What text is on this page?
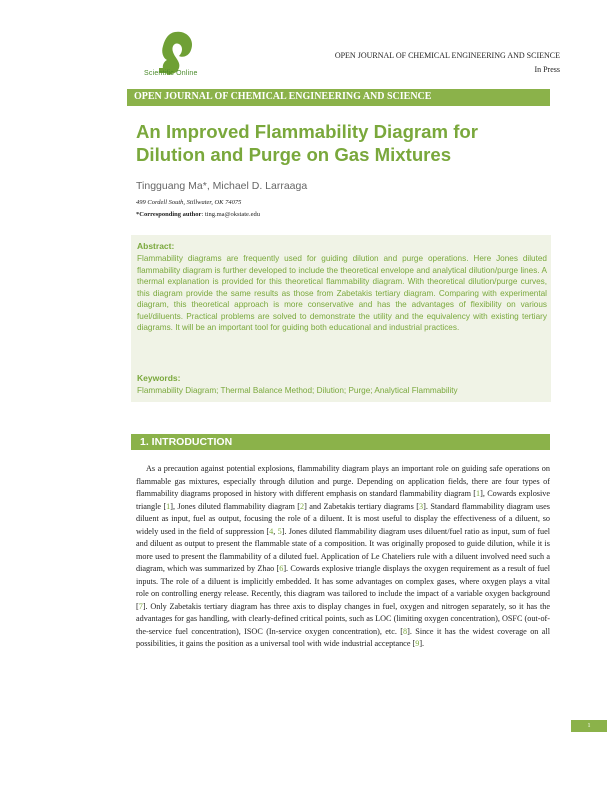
Scientific Online
OPEN JOURNAL OF CHEMICAL ENGINEERING AND SCIENCE
In Press
OPEN JOURNAL OF CHEMICAL ENGINEERING AND SCIENCE
An Improved Flammability Diagram for Dilution and Purge on Gas Mixtures
Tingguang Ma*, Michael D. Larraaga
499 Cordell South, Stillwater, OK 74075
*Corresponding author: ting.ma@okstate.edu
Abstract:
Flammability diagrams are frequently used for guiding dilution and purge operations. Here Jones diluted flammability diagram is further developed to include the theoretical envelope and analytical dilution/purge lines. A thermal explanation is provided for this theoretical flammability diagram. With theoretical dilution/purge curves, this diagram provide the same results as those from Zabetakis tertiary diagram. Comparing with experimental diagram, this theoretical approach is more conservative and has the advantages of flexibility on various fuel/diluents. Practical problems are solved to demonstrate the utility and the equivalency with existing tertiary diagrams. It will be an important tool for guiding both educational and industrial practices.
Keywords:
Flammability Diagram; Thermal Balance Method; Dilution; Purge; Analytical Flammability
1. INTRODUCTION

As a precaution against potential explosions, flammability diagram plays an important role on guiding safe operations on flammable gas mixtures, especially through dilution and purge. Depending on application fields, there are four types of flammability diagrams proposed in history with different emphasis on standard flammability diagram [1], Cowards explosive triangle [1], Jones diluted flammability diagram [2] and Zabetakis tertiary diagrams [3]. Standard flammability diagram uses diluent as input, fuel as output, focusing the role of a diluent. It is most useful to display the effectiveness of a diluent, so widely used in the field of suppression [4, 5]. Jones diluted flammability diagram uses diluent/fuel ratio as input, sum of fuel and diluent as output to present the flammable state of a composition. It was originally proposed to guide dilution, while it is more used to present the flammability of a diluted fuel. Application of Le Chateliers rule with a diluent involved need such a diagram, which was summarized by Zhao [6]. Cowards explosive triangle displays the oxygen requirement as a result of fuel inputs. The role of a diluent is implicitly embedded. It has some advantages on complex gases, where oxygen plays a vital role on controlling energy release. Recently, this diagram was tailored to include the impact of a variable oxygen background [7]. Only Zabetakis tertiary diagram has three axis to display changes in fuel, oxygen and nitrogen separately, so it has the advantages for gas handling, with clearly-defined critical points, such as LOC (limiting oxygen concentration), OSFC (out-of-the-service fuel concentration), ISOC (In-service oxygen concentration), etc. [8]. Since it has the widest coverage on all possibilities, it gains the position as a universal tool with wide industrial acceptance [9].

1
